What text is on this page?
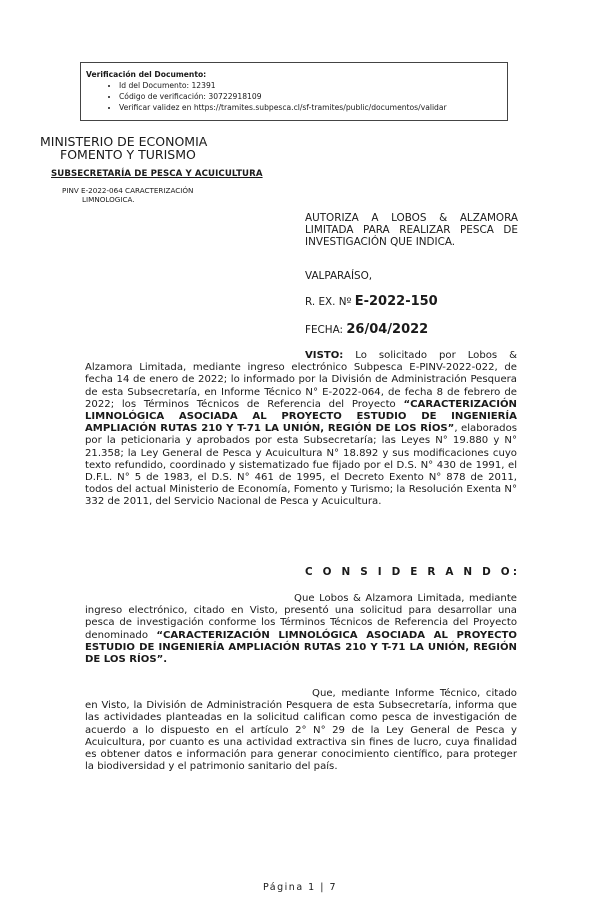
Verificación del Documento:
• Id del Documento: 12391
• Código de verificación: 30722918109
• Verificar validez en https://tramites.subpesca.cl/sf-tramites/public/documentos/validar
MINISTERIO DE ECONOMIA
FOMENTO Y TURISMO
SUBSECRETARÍA DE PESCA Y ACUICULTURA
PINV E-2022-064 CARACTERIZACIÓN
LIMNOLOGICA.
AUTORIZA A LOBOS & ALZAMORA LIMITADA PARA REALIZAR PESCA DE INVESTIGACIÓN QUE INDICA.
VALPARAÍSO,
R. EX. Nº E-2022-150
FECHA: 26/04/2022
VISTO: Lo solicitado por Lobos & Alzamora Limitada, mediante ingreso electrónico Subpesca E-PINV-2022-022, de fecha 14 de enero de 2022; lo informado por la División de Administración Pesquera de esta Subsecretaría, en Informe Técnico N° E-2022-064, de fecha 8 de febrero de 2022; los Términos Técnicos de Referencia del Proyecto “CARACTERIZACIÓN LIMNOLÓGICA ASOCIADA AL PROYECTO ESTUDIO DE INGENIERÍA AMPLIACIÓN RUTAS 210 Y T-71 LA UNIÓN, REGIÓN DE LOS RÍOS”, elaborados por la peticionaria y aprobados por esta Subsecretaría; las Leyes N° 19.880 y N° 21.358; la Ley General de Pesca y Acuicultura N° 18.892 y sus modificaciones cuyo texto refundido, coordinado y sistematizado fue fijado por el D.S. N° 430 de 1991, el D.F.L. N° 5 de 1983, el D.S. N° 461 de 1995, el Decreto Exento N° 878 de 2011, todos del actual Ministerio de Economía, Fomento y Turismo; la Resolución Exenta N° 332 de 2011, del Servicio Nacional de Pesca y Acuicultura.
C O N S I D E R A N D O:
Que Lobos & Alzamora Limitada, mediante ingreso electrónico, citado en Visto, presentó una solicitud para desarrollar una pesca de investigación conforme los Términos Técnicos de Referencia del Proyecto denominado “CARACTERIZACIÓN LIMNOLÓGICA ASOCIADA AL PROYECTO ESTUDIO DE INGENIERÍA AMPLIACIÓN RUTAS 210 Y T-71 LA UNIÓN, REGIÓN DE LOS RÍOS”.
Que, mediante Informe Técnico, citado en Visto, la División de Administración Pesquera de esta Subsecretaría, informa que las actividades planteadas en la solicitud califican como pesca de investigación de acuerdo a lo dispuesto en el artículo 2° N° 29 de la Ley General de Pesca y Acuicultura, por cuanto es una actividad extractiva sin fines de lucro, cuya finalidad es obtener datos e información para generar conocimiento científico, para proteger la biodiversidad y el patrimonio sanitario del país.
Página 1 | 7
